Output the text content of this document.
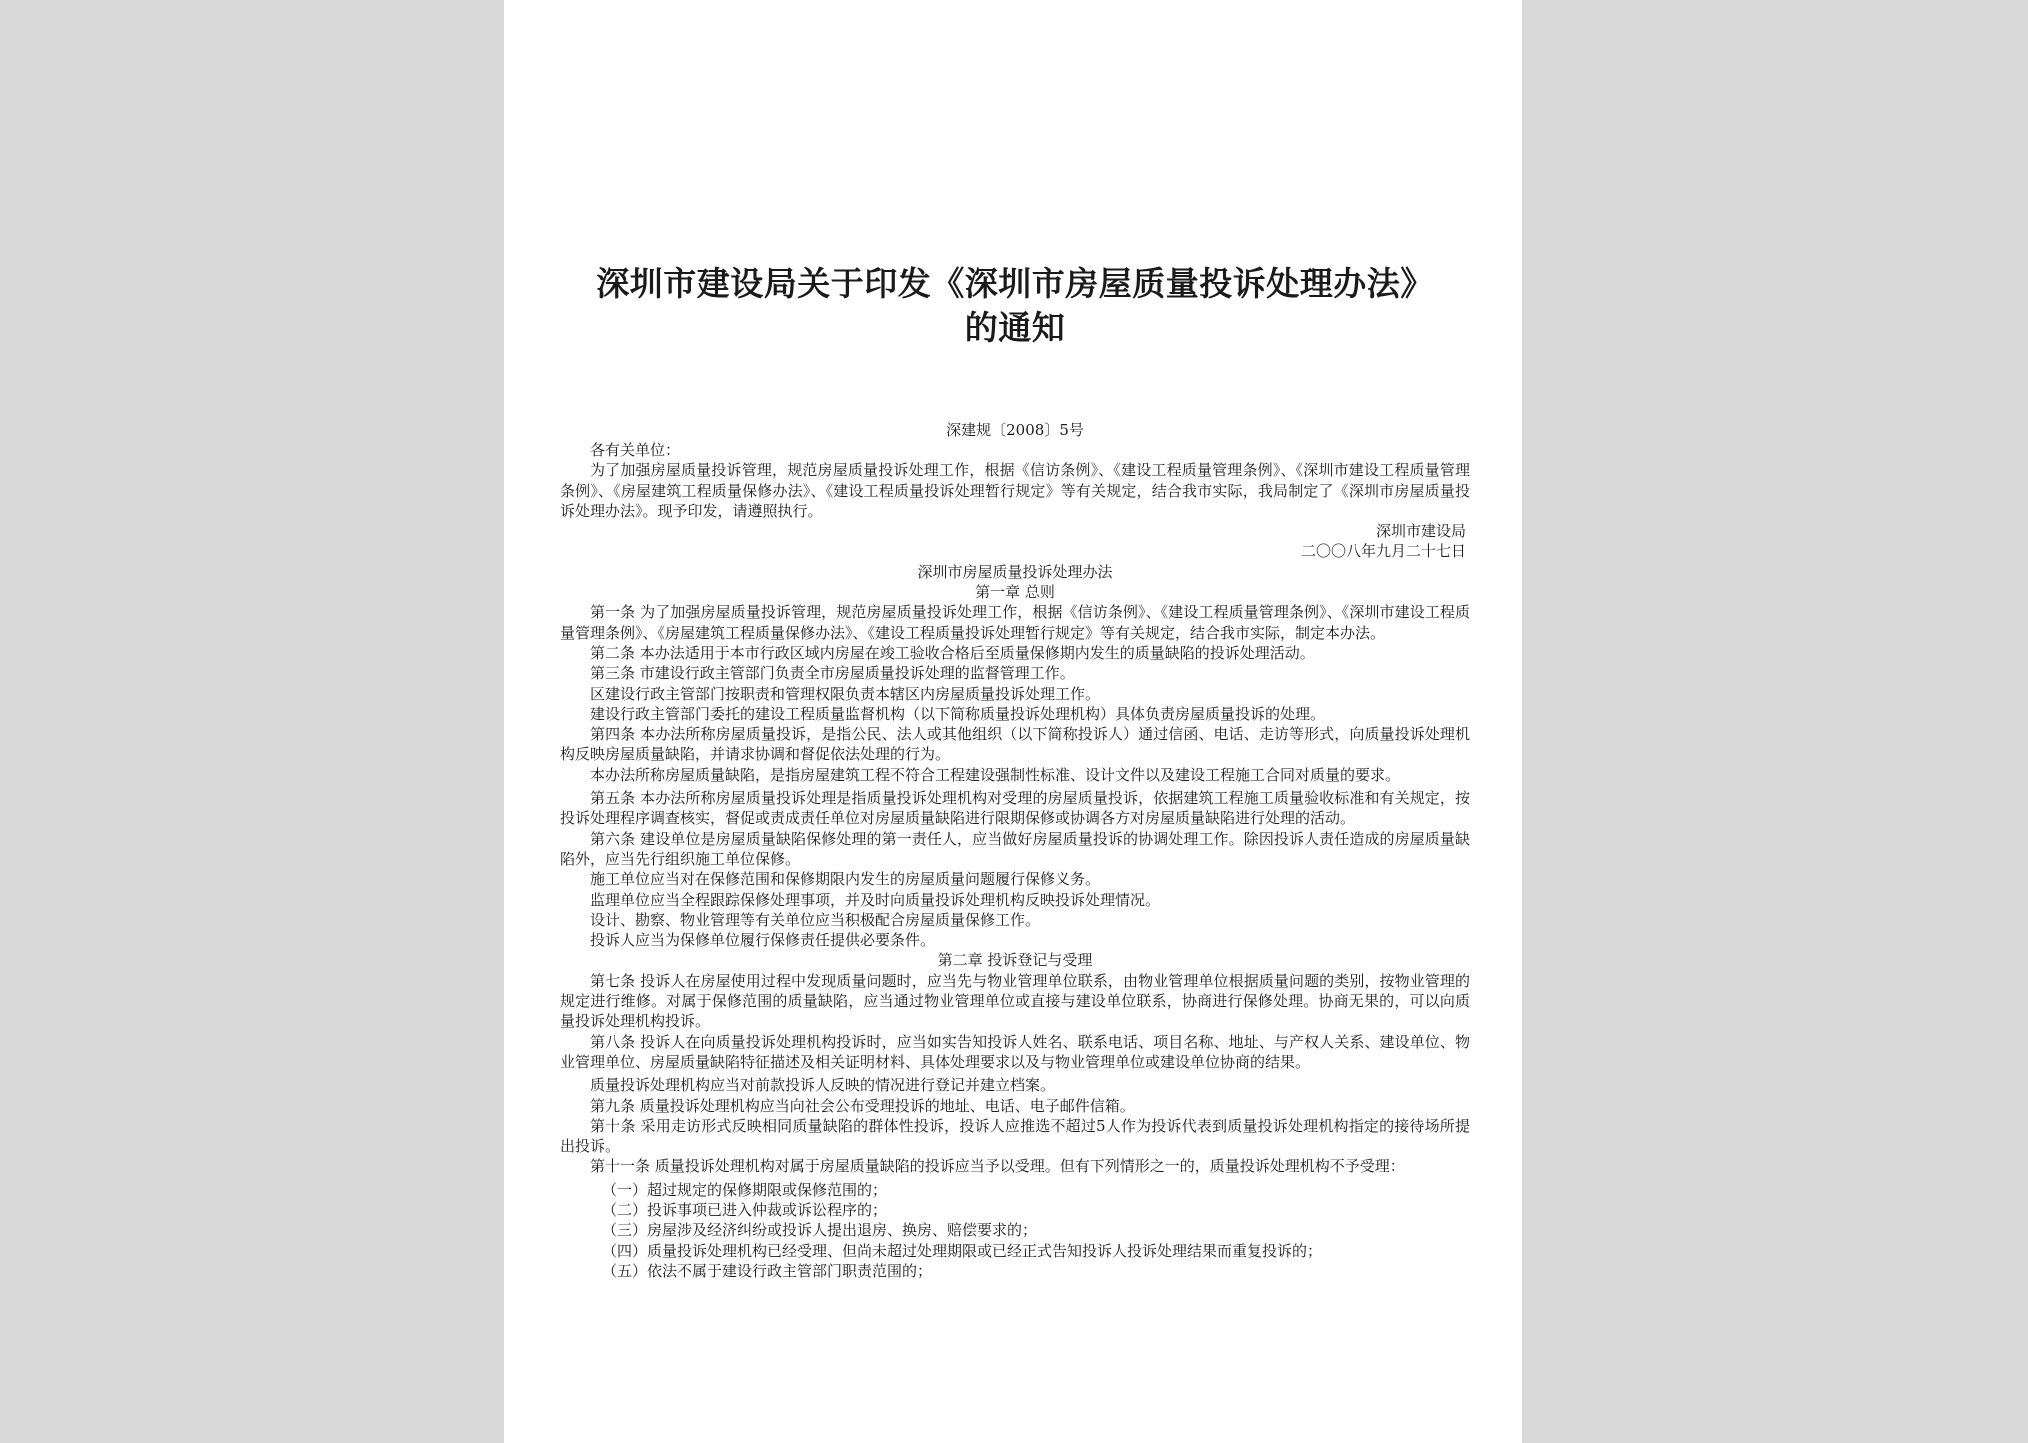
深圳市建设局关于印发《深圳市房屋质量投诉处理办法》的通知
深建规〔2008〕5号

各有关单位：

为了加强房屋质量投诉管理，规范房屋质量投诉处理工作，根据《信访条例》、《建设工程质量管理条例》、《深圳市建设工程质量管理条例》、《房屋建筑工程质量保修办法》、《建设工程质量投诉处理暂行规定》等有关规定，结合我市实际，我局制定了《深圳市房屋质量投诉处理办法》。现予印发，请遵照执行。

深圳市建设局

二〇〇八年九月二十七日

深圳市房屋质量投诉处理办法

第一章 总则

第一条 为了加强房屋质量投诉管理，规范房屋质量投诉处理工作，根据《信访条例》、《建设工程质量管理条例》、《深圳市建设工程质量管理条例》、《房屋建筑工程质量保修办法》、《建设工程质量投诉处理暂行规定》等有关规定，结合我市实际，制定本办法。

第二条 本办法适用于本市行政区域内房屋在竣工验收合格后至质量保修期内发生的质量缺陷的投诉处理活动。

第三条 市建设行政主管部门负责全市房屋质量投诉处理的监督管理工作。

区建设行政主管部门按职责和管理权限负责本辖区内房屋质量投诉处理工作。

建设行政主管部门委托的建设工程质量监督机构（以下简称质量投诉处理机构）具体负责房屋质量投诉的处理。

第四条 本办法所称房屋质量投诉，是指公民、法人或其他组织（以下简称投诉人）通过信函、电话、走访等形式，向质量投诉处理机构反映房屋质量缺陷，并请求协调和督促依法处理的行为。

本办法所称房屋质量缺陷，是指房屋建筑工程不符合工程建设强制性标准、设计文件以及建设工程施工合同对质量的要求。

第五条 本办法所称房屋质量投诉处理是指质量投诉处理机构对受理的房屋质量投诉，依据建筑工程施工质量验收标准和有关规定，按投诉处理程序调查核实，督促或责成责任单位对房屋质量缺陷进行限期保修或协调各方对房屋质量缺陷进行处理的活动。

第六条 建设单位是房屋质量缺陷保修处理的第一责任人，应当做好房屋质量投诉的协调处理工作。除因投诉人责任造成的房屋质量缺陷外，应当先行组织施工单位保修。

施工单位应当对在保修范围和保修期限内发生的房屋质量问题履行保修义务。

监理单位应当全程跟踪保修处理事项，并及时向质量投诉处理机构反映投诉处理情况。

设计、勘察、物业管理等有关单位应当积极配合房屋质量保修工作。

投诉人应当为保修单位履行保修责任提供必要条件。

第二章 投诉登记与受理

第七条 投诉人在房屋使用过程中发现质量问题时，应当先与物业管理单位联系，由物业管理单位根据质量问题的类别，按物业管理的规定进行维修。对属于保修范围的质量缺陷，应当通过物业管理单位或直接与建设单位联系，协商进行保修处理。协商无果的，可以向质量投诉处理机构投诉。

第八条 投诉人在向质量投诉处理机构投诉时，应当如实告知投诉人姓名、联系电话、项目名称、地址、与产权人关系、建设单位、物业管理单位、房屋质量缺陷特征描述及相关证明材料、具体处理要求以及与物业管理单位或建设单位协商的结果。

质量投诉处理机构应当对前款投诉人反映的情况进行登记并建立档案。

第九条 质量投诉处理机构应当向社会公布受理投诉的地址、电话、电子邮件信箱。

第十条 采用走访形式反映相同质量缺陷的群体性投诉，投诉人应推选不超过5人作为投诉代表到质量投诉处理机构指定的接待场所提出投诉。

第十一条 质量投诉处理机构对属于房屋质量缺陷的投诉应当予以受理。但有下列情形之一的，质量投诉处理机构不予受理：

（一）超过规定的保修期限或保修范围的；

（二）投诉事项已进入仲裁或诉讼程序的；

（三）房屋涉及经济纠纷或投诉人提出退房、换房、赔偿要求的；

（四）质量投诉处理机构已经受理、但尚未超过处理期限或已经正式告知投诉人投诉处理结果而重复投诉的；

（五）依法不属于建设行政主管部门职责范围的；
